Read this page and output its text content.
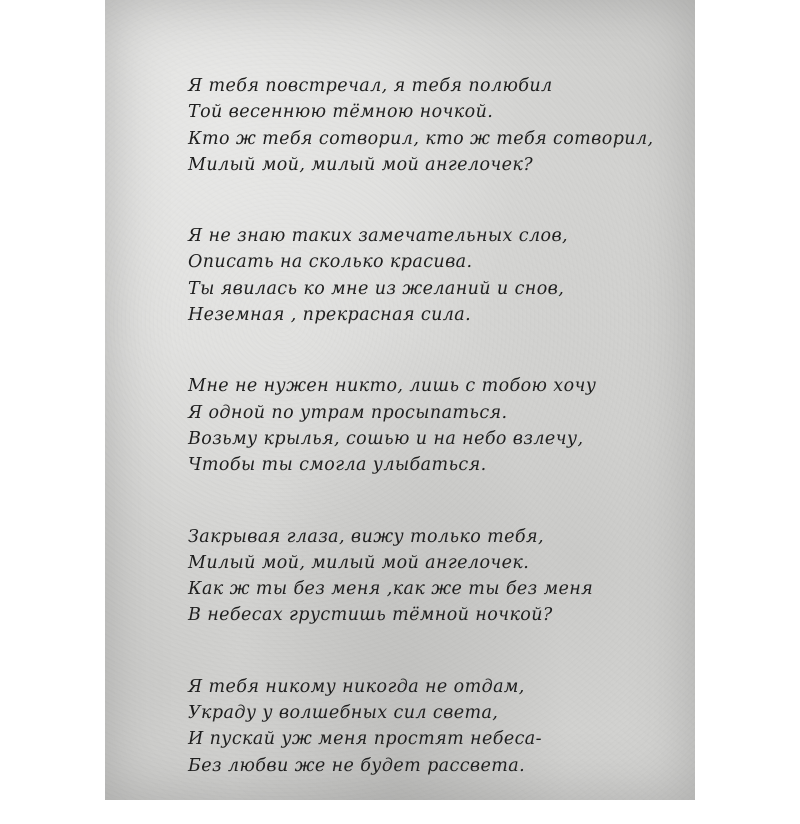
Я тебя повстречал, я тебя полюбил
Той весеннюю тёмною ночкой.
Кто ж тебя сотворил, кто ж тебя сотворил,
Милый мой, милый мой ангелочек?
Я не знаю таких замечательных слов,
Описать на сколько красива.
Ты явилась ко мне из желаний и снов,
Неземная , прекрасная сила.
Мне не нужен никто, лишь с тобою хочу
Я одной по утрам просыпаться.
Возьму крылья, сошью и на небо взлечу,
Чтобы ты смогла улыбаться.
Закрывая глаза, вижу только тебя,
Милый мой, милый мой ангелочек.
Как ж ты без меня ,как же ты без меня
В небесах грустишь тёмной ночкой?
Я тебя никому никогда не отдам,
Украду у волшебных сил света,
И пускай уж меня простят небеса-
Без любви же не будет рассвета.
